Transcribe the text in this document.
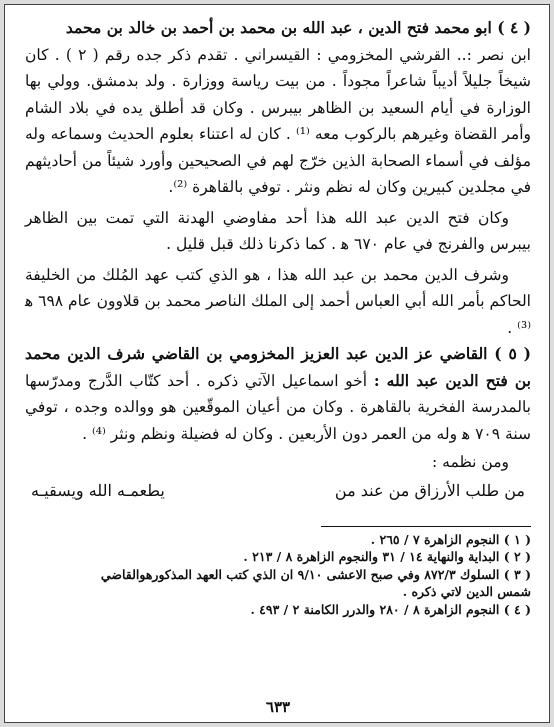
( ٤ ) ابو محمد فتح الدين ، عبد الله بن محمد بن أحمد بن خالد بن محمد

ابن نصر :.. القرشي المخزومي : القيسراني . تقدم ذكر جده رقم ( ٢ ) . كان شيخاً جليلاً أديباً شاعراً مجوداً . من بيت رياسة ووزارة . ولد بدمشق. وولي بها الوزارة في أيام السعيد بن الظاهر بيبرس . وكان قد أطلق يده في بلاد الشام وأمر القضاة وغيرهم بالركوب معه ⁽¹⁾ . كان له اعتناء بعلوم الحديث وسماعه وله مؤلف في أسماء الصحابة الذين خرّج لهم في الصحيحين وأورد شيئاً من أحاديثهم في مجلدين كبيرين وكان له نظم ونثر . توفي بالقاهرة ⁽²⁾.

وكان فتح الدين عبد الله هذا أحد مفاوضي الهدنة التي تمت بين الظاهر بيبرس والفرنج في عام ٦٧٠ ﻫ . كما ذكرنا ذلك قبل قليل .

وشرف الدين محمد بن عبد الله هذا ، هو الذي كتب عهد المُلك من الخليفة الحاكم بأمر الله أبي العباس أحمد إلى الملك الناصر محمد بن قلاوون عام ٦٩٨ ﻫ ⁽³⁾ .

( ٥ ) القاضي عز الدين عبد العزيز المخزومي بن القاضي شرف الدين محمد بن فتح الدين عبد الله :

أخو اسماعيل الآتي ذكره . أحد كتّاب الدَّرج ومدرّسها بالمدرسة الفخرية بالقاهرة . وكان من أعيان الموقّعين هو ووالده وجده ، توفي سنة ٧٠٩ ﻫ وله من العمر دون الأربعين . وكان له فضيلة ونظم ونثر ⁽⁴⁾ .

ومن نظمه :

من طلب الأرزاق من عند من
يطعمـه الله ويسقيـه

( ١ ) النجوم الزاهرة ٧ / ٢٦٥ .

( ٢ ) البداية والنهاية ١٤ / ٣١ والنجوم الزاهرة ٨ / ٢١٣ .

( ٣ ) السلوك ٨٧٢/٣ وفي صبح الاعشى ٩/١٠ ان الذي كتب العهد المذكورهوالقاضي

شمس الدين لاتي ذكره .

( ٤ ) النجوم الزاهرة ٨ / ٢٨٠ والدرر الكامنة ٢ / ٤٩٣ .

٦٣٣
